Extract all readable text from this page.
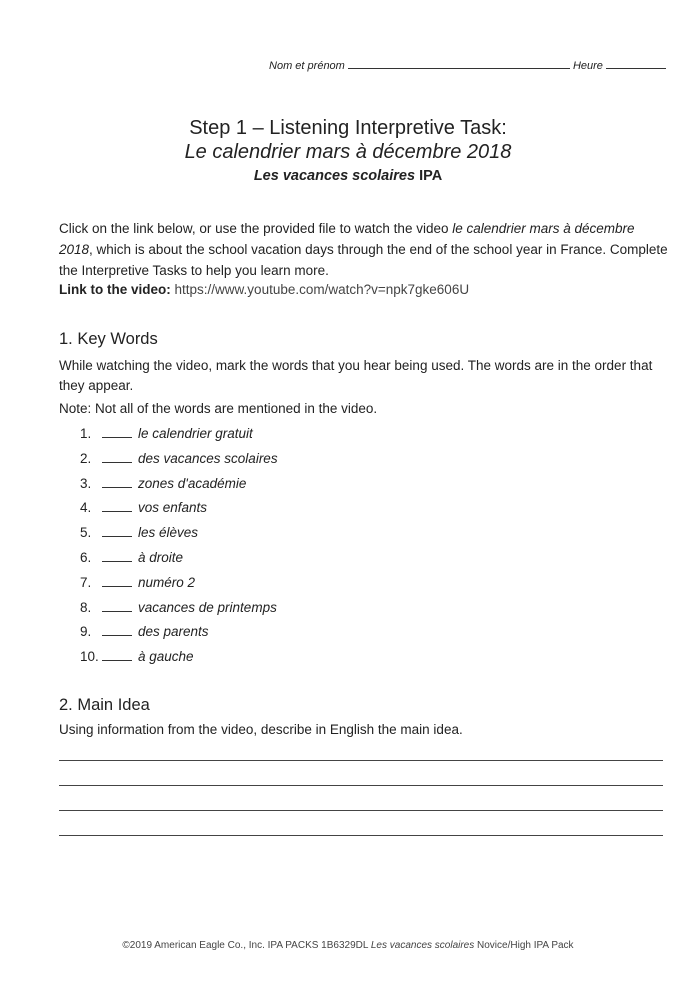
Nom et prénom	Heure
Step 1 – Listening Interpretive Task:
Le calendrier mars à décembre 2018
Les vacances scolaires IPA
Click on the link below, or use the provided file to watch the video le calendrier mars à décembre 2018, which is about the school vacation days through the end of the school year in France. Complete the Interpretive Tasks to help you learn more.
Link to the video: https://www.youtube.com/watch?v=npk7gke606U
1. Key Words
While watching the video, mark the words that you hear being used. The words are in the order that they appear.
Note: Not all of the words are mentioned in the video.
1.	le calendrier gratuit
2.	des vacances scolaires
3.	zones d'académie
4.	vos enfants
5.	les élèves
6.	à droite
7.	numéro 2
8.	vacances de printemps
9.	des parents
10.	à gauche
2. Main Idea
Using information from the video, describe in English the main idea.
©2019 American Eagle Co., Inc. IPA PACKS 1B6329DL Les vacances scolaires Novice/High IPA Pack
